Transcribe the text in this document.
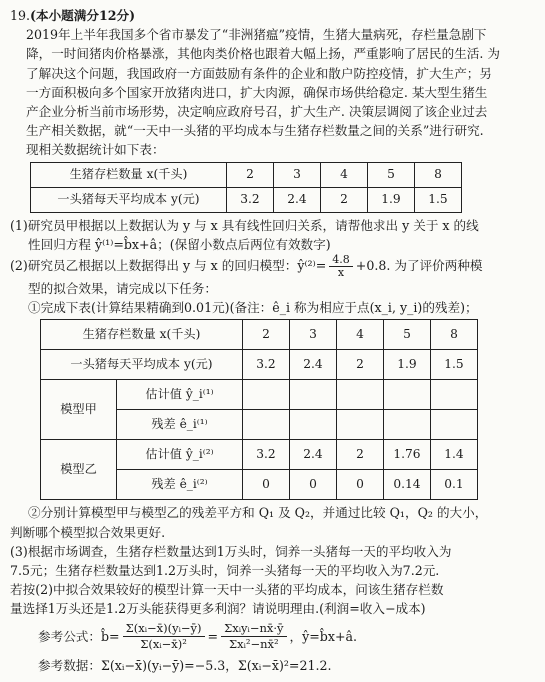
19.(本小题满分12分)
2019年上半年我国多个省市暴发了“非洲猪瘟”疫情，生猪大量病死，存栏量急剧下
降，一时间猪肉价格暴涨，其他肉类价格也跟着大幅上扬，严重影响了居民的生活. 为
了解决这个问题，我国政府一方面鼓励有条件的企业和散户防控疫情，扩大生产；另
一方面积极向多个国家开放猪肉进口，扩大肉源，确保市场供给稳定. 某大型生猪生
产企业分析当前市场形势，决定响应政府号召，扩大生产. 决策层调阅了该企业过去
生产相关数据，就“一天中一头猪的平均成本与生猪存栏数量之间的关系”进行研究.
现相关数据统计如下表：
生猪存栏数量 x(千头)	2	3	4	5	8
一头猪每天平均成本 y(元)	3.2	2.4	2	1.9	1.5
(1)研究员甲根据以上数据认为 y 与 x 具有线性回归关系，请帮他求出 y 关于 x 的线
性回归方程 ŷ⁽¹⁾=b̂x+â；(保留小数点后两位有效数字)
(2)研究员乙根据以上数据得出 y 与 x 的回归模型：ŷ⁽²⁾= $\frac{4.8}{x} +0.8$. 为了评价两种模
型的拟合效果，请完成以下任务：
①完成下表(计算结果精确到0.01元)(备注：ê_i 称为相应于点(x_i, y_i)的残差)；
生猪存栏数量 x(千头)		2	3	4	5	8
一头猪每天平均成本 y(元)		3.2	2.4	2	1.9	1.5
模型甲	估计值 ŷ_i⁽¹⁾					
	残差 ê_i⁽¹⁾					
模型乙	估计值 ŷ_i⁽²⁾	3.2	2.4	2	1.76	1.4
	残差 ê_i⁽²⁾	0	0	0	0.14	0.1
②分别计算模型甲与模型乙的残差平方和 Q₁ 及 Q₂，并通过比较 Q₁，Q₂ 的大小，
判断哪个模型拟合效果更好.
(3)根据市场调查，生猪存栏数量达到1万头时，饲养一头猪每一天的平均收入为
7.5元；生猪存栏数量达到1.2万头时，饲养一头猪每一天的平均收入为7.2元.
若按(2)中拟合效果较好的模型计算一天中一头猪的平均成本，问该生猪存栏数
量选择1万头还是1.2万头能获得更多利润？请说明理由.(利润=收入−成本)
参考公式： b̂= $\frac{\text{Σ(xᵢ−x̄)(yᵢ−ȳ)}}{\text{Σ(xᵢ−x̄)²}} = \frac{\text{Σxᵢyᵢ−nx̄·ȳ}}{\text{Σxᵢ²−nx̄²}}$ ，ŷ=b̂x+â.
参考数据：Σ(xᵢ−x̄)(yᵢ−ȳ)=−5.3，Σ(xᵢ−x̄)²=21.2.
